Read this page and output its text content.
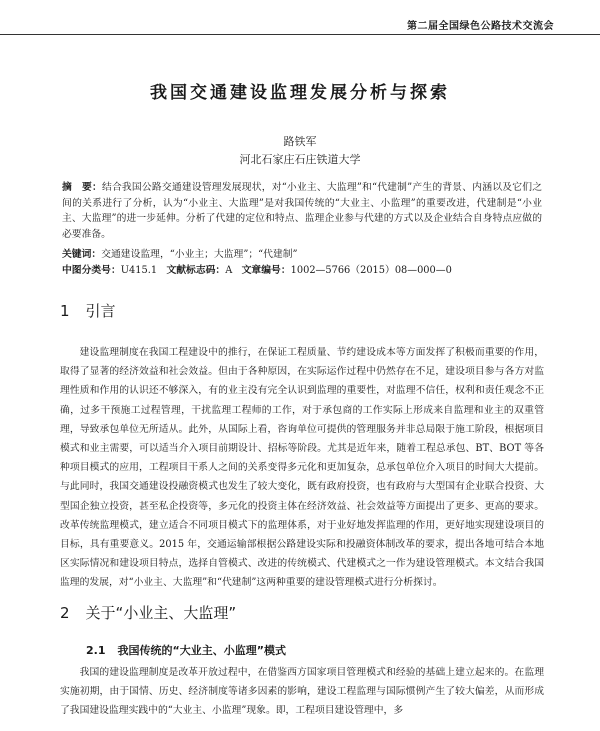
第二届全国绿色公路技术交流会
我国交通建设监理发展分析与探索
路铁军
河北石家庄石庄铁道大学
摘　要：结合我国公路交通建设管理发展现状，对“小业主、大监理”和“代建制”产生的背景、内涵以及它们之间的关系进行了分析，认为“小业主、大监理”是对我国传统的“大业主、小监理”的重要改进，代建制是“小业主、大监理”的进一步延伸。分析了代建的定位和特点、监理企业参与代建的方式以及企业结合自身特点应做的必要准备。
关键词：交通建设监理，“小业主；大监理”；“代建制”
中图分类号：U415.1 文献标志码：A 文章编号：1002—5766（2015）08—000—0
1 引言
建设监理制度在我国工程建设中的推行，在保证工程质量、节约建设成本等方面发挥了积极而重要的作用，取得了显著的经济效益和社会效益。但由于各种原因，在实际运作过程中仍然存在不足，建设项目参与各方对监理性质和作用的认识还不够深入，有的业主没有完全认识到监理的重要性，对监理不信任，权利和责任观念不正确，过多干预施工过程管理，干扰监理工程师的工作，对于承包商的工作实际上形成来自监理和业主的双重管理，导致承包单位无所适从。此外，从国际上看，咨询单位可提供的管理服务并非总局限于施工阶段，根据项目模式和业主需要，可以适当介入项目前期设计、招标等阶段。尤其是近年来，随着工程总承包、BT、BOT 等各种项目模式的应用，工程项目干系人之间的关系变得多元化和更加复杂，总承包单位介入项目的时间大大提前。与此同时，我国交通建设投融资模式也发生了较大变化，既有政府投资，也有政府与大型国有企业联合投资、大型国企独立投资，甚至私企投资等，多元化的投资主体在经济效益、社会效益等方面提出了更多、更高的要求。改革传统监理模式，建立适合不同项目模式下的监理体系，对于业好地发挥监理的作用，更好地实现建设项目的目标，具有重要意义。2015 年，交通运输部根据公路建设实际和投融资体制改革的要求，提出各地可结合本地区实际情况和建设项目特点，选择自管模式、改进的传统模式、代建模式之一作为建设管理模式。本文结合我国监理的发展，对“小业主、大监理”和“代建制”这两种重要的建设管理模式进行分析探讨。
2 关于“小业主、大监理”
2.1 我国传统的“大业主、小监理”模式
我国的建设监理制度是改革开放过程中，在借鉴西方国家项目管理模式和经验的基础上建立起来的。在监理实施初期，由于国情、历史、经济制度等诸多因素的影响，建设工程监理与国际惯例产生了较大偏差，从而形成了我国建设监理实践中的“大业主、小监理”现象。即，工程项目建设管理中，多
